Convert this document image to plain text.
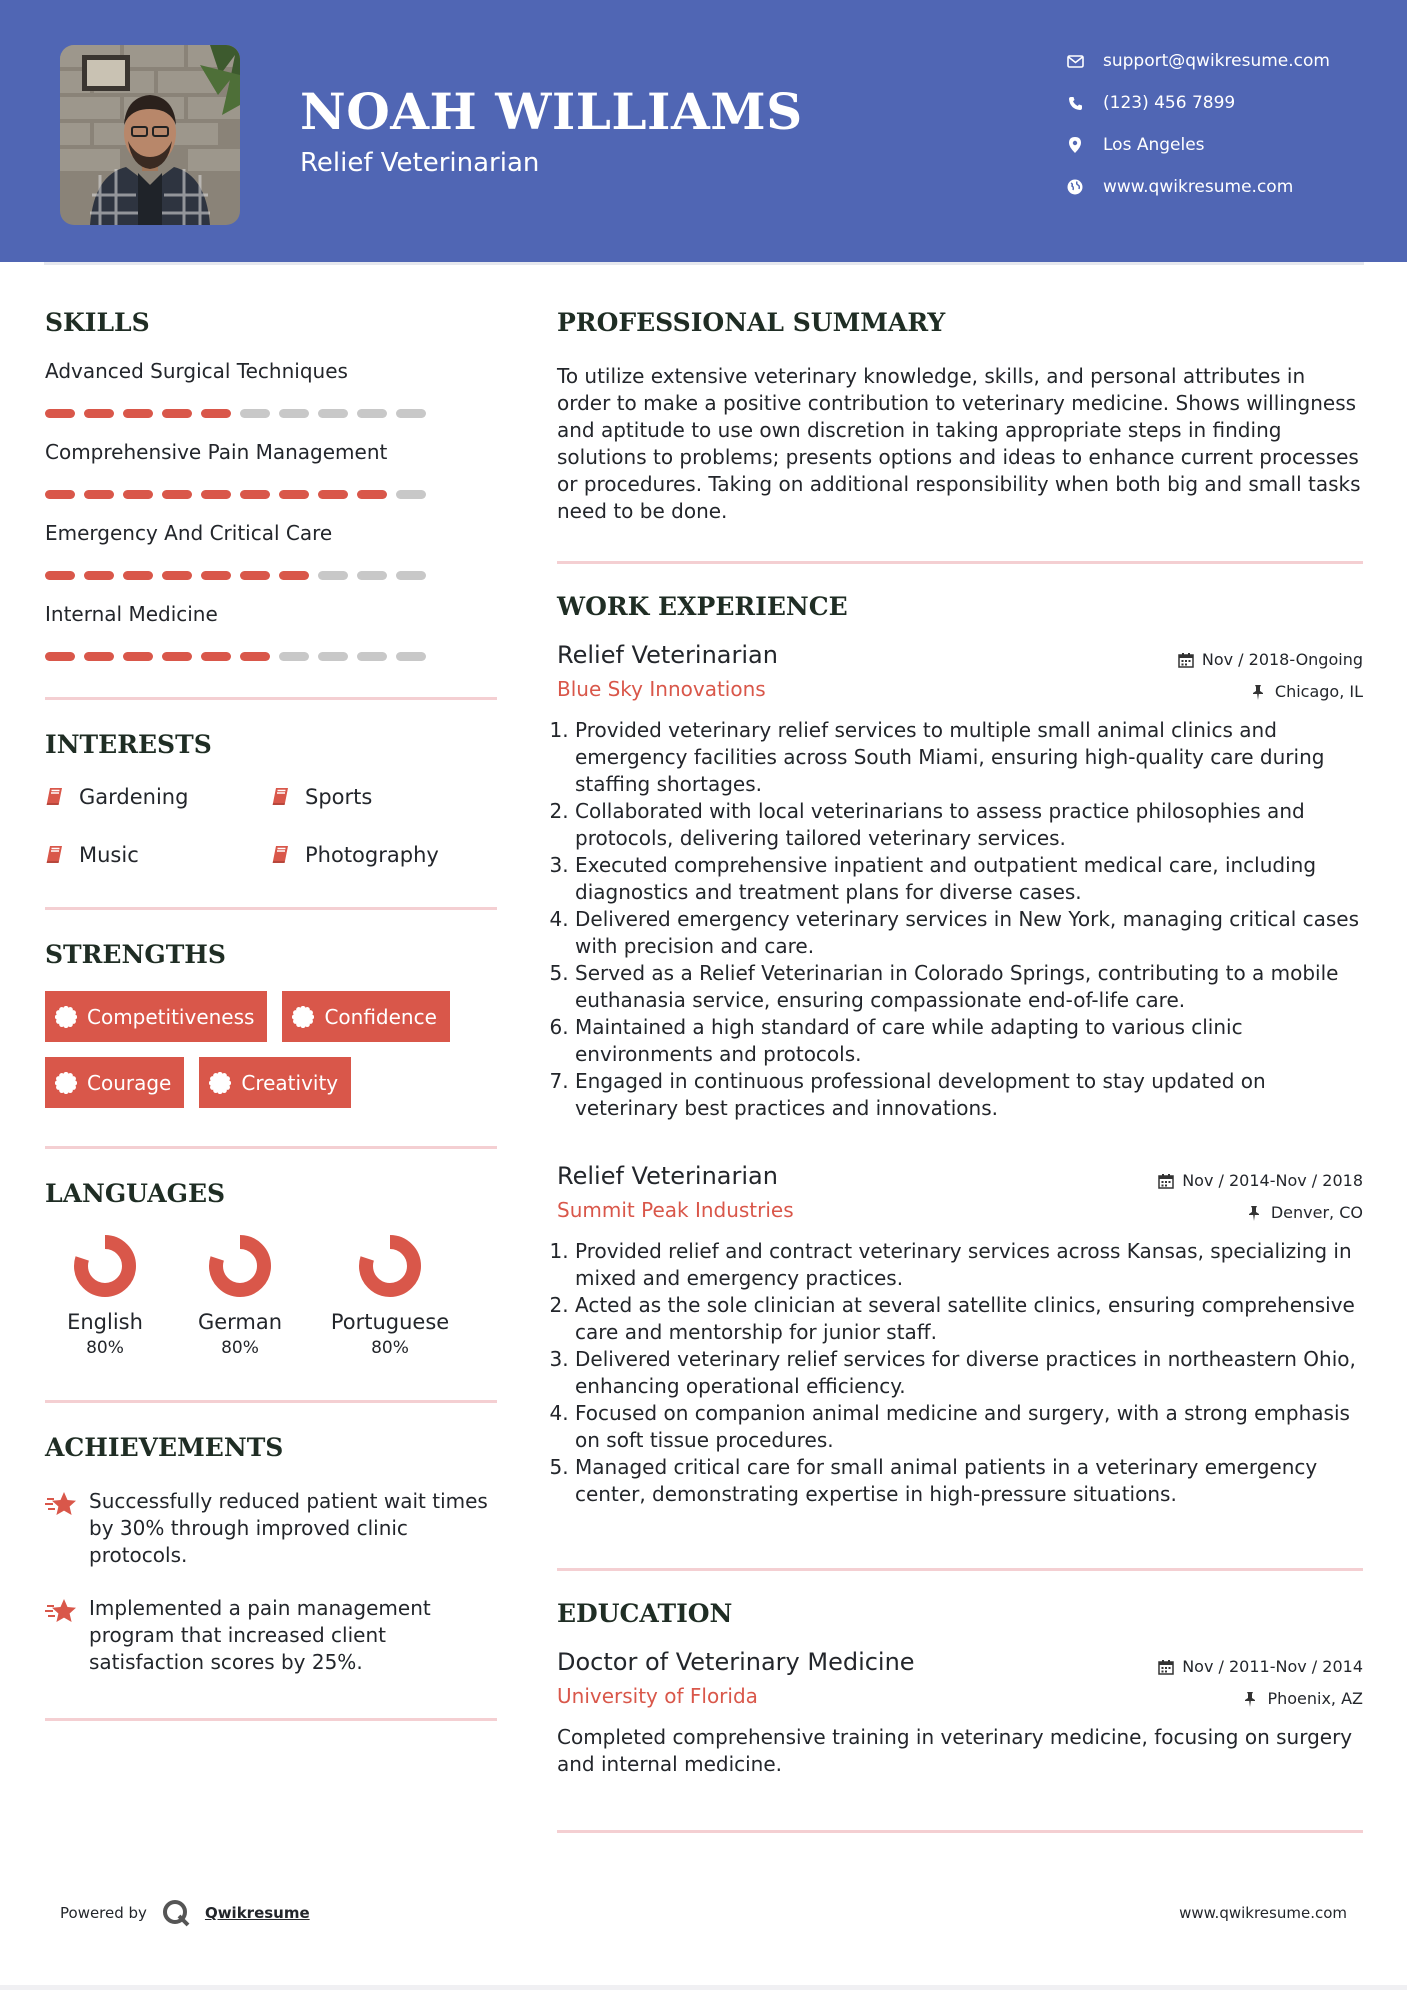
NOAH WILLIAMS
Relief Veterinarian
support@qwikresume.com
(123) 456 7899
Los Angeles
www.qwikresume.com
SKILLS
Advanced Surgical Techniques
Comprehensive Pain Management
Emergency And Critical Care
Internal Medicine
INTERESTS
Gardening	Sports
Music	Photography
STRENGTHS
Competitiveness	Confidence
Courage	Creativity
LANGUAGES
English
80%
German
80%
Portuguese
80%
ACHIEVEMENTS
Successfully reduced patient wait times by 30% through improved clinic protocols.
Implemented a pain management program that increased client satisfaction scores by 25%.
PROFESSIONAL SUMMARY
To utilize extensive veterinary knowledge, skills, and personal attributes in order to make a positive contribution to veterinary medicine. Shows willingness and aptitude to use own discretion in taking appropriate steps in finding solutions to problems; presents options and ideas to enhance current processes or procedures. Taking on additional responsibility when both big and small tasks need to be done.
WORK EXPERIENCE
Relief Veterinarian	Nov / 2018-Ongoing
Blue Sky Innovations	Chicago, IL
1. Provided veterinary relief services to multiple small animal clinics and emergency facilities across South Miami, ensuring high-quality care during staffing shortages.
2. Collaborated with local veterinarians to assess practice philosophies and protocols, delivering tailored veterinary services.
3. Executed comprehensive inpatient and outpatient medical care, including diagnostics and treatment plans for diverse cases.
4. Delivered emergency veterinary services in New York, managing critical cases with precision and care.
5. Served as a Relief Veterinarian in Colorado Springs, contributing to a mobile euthanasia service, ensuring compassionate end-of-life care.
6. Maintained a high standard of care while adapting to various clinic environments and protocols.
7. Engaged in continuous professional development to stay updated on veterinary best practices and innovations.
Relief Veterinarian	Nov / 2014-Nov / 2018
Summit Peak Industries	Denver, CO
1. Provided relief and contract veterinary services across Kansas, specializing in mixed and emergency practices.
2. Acted as the sole clinician at several satellite clinics, ensuring comprehensive care and mentorship for junior staff.
3. Delivered veterinary relief services for diverse practices in northeastern Ohio, enhancing operational efficiency.
4. Focused on companion animal medicine and surgery, with a strong emphasis on soft tissue procedures.
5. Managed critical care for small animal patients in a veterinary emergency center, demonstrating expertise in high-pressure situations.
EDUCATION
Doctor of Veterinary Medicine	Nov / 2011-Nov / 2014
University of Florida	Phoenix, AZ
Completed comprehensive training in veterinary medicine, focusing on surgery and internal medicine.
Powered by	Qwikresume	www.qwikresume.com
